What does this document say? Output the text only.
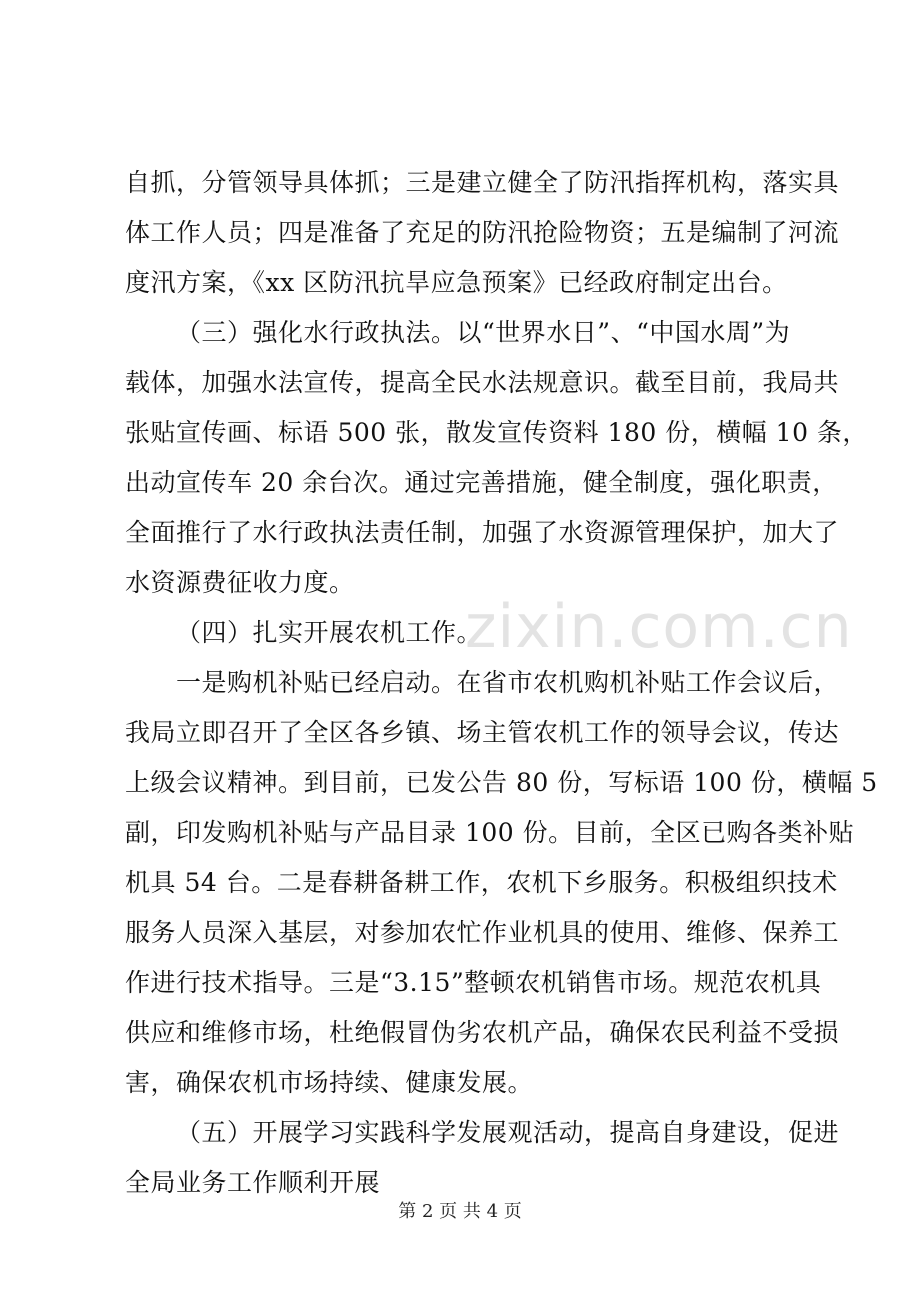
zixin.com.cn
自抓，分管领导具体抓；三是建立健全了防汛指挥机构，落实具
体工作人员；四是准备了充足的防汛抢险物资；五是编制了河流
度汛方案，《xx 区防汛抗旱应急预案》已经政府制定出台。
（三）强化水行政执法。以“世界水日”、“中国水周”为
载体，加强水法宣传，提高全民水法规意识。截至目前，我局共
张贴宣传画、标语 500 张，散发宣传资料 180 份，横幅 10 条，
出动宣传车 20 余台次。通过完善措施，健全制度，强化职责，
全面推行了水行政执法责任制，加强了水资源管理保护，加大了
水资源费征收力度。
（四）扎实开展农机工作。
一是购机补贴已经启动。在省市农机购机补贴工作会议后，
我局立即召开了全区各乡镇、场主管农机工作的领导会议，传达
上级会议精神。到目前，已发公告 80 份，写标语 100 份，横幅 5
副，印发购机补贴与产品目录 100 份。目前，全区已购各类补贴
机具 54 台。二是春耕备耕工作，农机下乡服务。积极组织技术
服务人员深入基层，对参加农忙作业机具的使用、维修、保养工
作进行技术指导。三是“3.15”整顿农机销售市场。规范农机具
供应和维修市场，杜绝假冒伪劣农机产品，确保农民利益不受损
害，确保农机市场持续、健康发展。
（五）开展学习实践科学发展观活动，提高自身建设，促进
全局业务工作顺利开展
第 2 页 共 4 页
